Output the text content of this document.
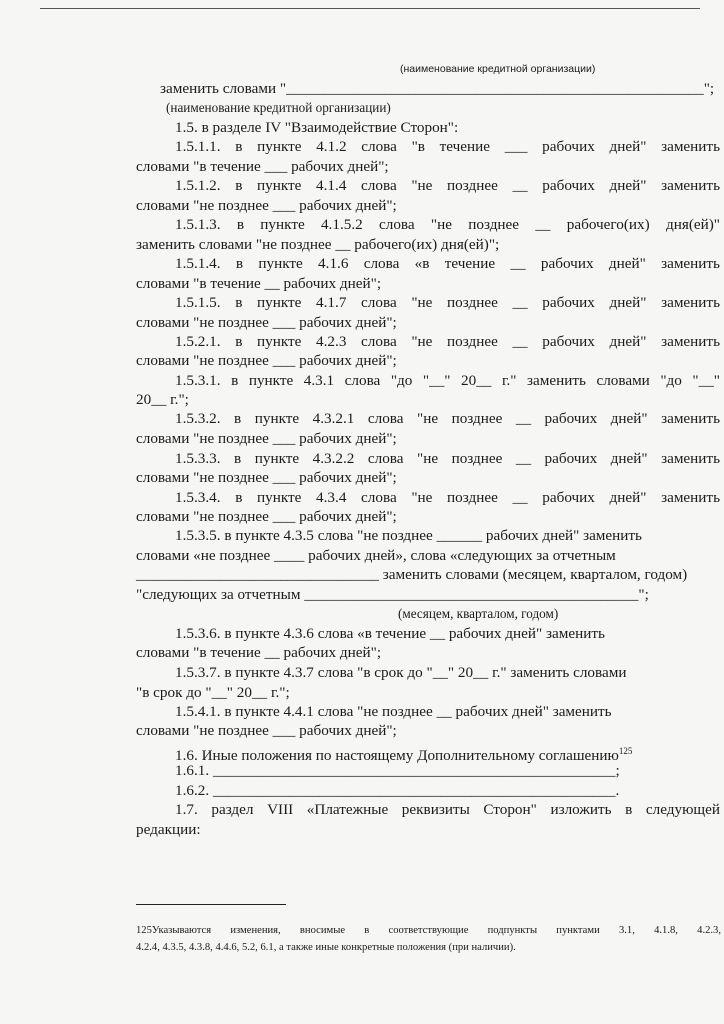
(наименование кредитной организации)
заменить словами "_______________________________________________________";
(наименование кредитной организации)
1.5. в разделе IV "Взаимодействие Сторон":
1.5.1.1. в пункте 4.1.2 слова "в течение ___ рабочих дней" заменить
словами "в течение ___ рабочих дней";
1.5.1.2. в пункте 4.1.4 слова "не позднее __ рабочих дней" заменить
словами "не позднее ___ рабочих дней";
1.5.1.3. в пункте 4.1.5.2 слова "не позднее __ рабочего(их) дня(ей)"
заменить словами "не позднее __ рабочего(их) дня(ей)";
1.5.1.4. в пункте 4.1.6 слова «в течение __ рабочих дней" заменить
словами "в течение __ рабочих дней";
1.5.1.5. в пункте 4.1.7 слова "не позднее __ рабочих дней" заменить
словами "не позднее ___ рабочих дней";
1.5.2.1. в пункте 4.2.3 слова "не позднее __ рабочих дней" заменить
словами "не позднее ___ рабочих дней";
1.5.3.1. в пункте 4.3.1 слова "до "__" 20__ г." заменить словами "до "__"
20__ г.";
1.5.3.2. в пункте 4.3.2.1 слова "не позднее __ рабочих дней" заменить
словами "не позднее ___ рабочих дней";
1.5.3.3. в пункте 4.3.2.2 слова "не позднее __ рабочих дней" заменить
словами "не позднее ___ рабочих дней";
1.5.3.4. в пункте 4.3.4 слова "не позднее __ рабочих дней" заменить
словами "не позднее ___ рабочих дней";
1.5.3.5. в пункте 4.3.5 слова "не позднее ______ рабочих дней" заменить
словами «не позднее ____ рабочих дней», слова «следующих за отчетным
________________________________ заменить словами (месяцем, кварталом, годом)
"следующих за отчетным ____________________________________________";
(месяцем, кварталом, годом)
1.5.3.6. в пункте 4.3.6 слова «в течение __ рабочих дней" заменить
словами "в течение __ рабочих дней";
1.5.3.7. в пункте 4.3.7 слова "в срок до "__" 20__ г." заменить словами
"в срок до "__" 20__ г.";
1.5.4.1. в пункте 4.4.1 слова "не позднее __ рабочих дней" заменить
словами "не позднее ___ рабочих дней";
1.6. Иные положения по настоящему Дополнительному соглашению$^{125}$
1.6.1. _____________________________________________________;
1.6.2. _____________________________________________________.
1.7. раздел VIII «Платежные реквизиты Сторон" изложить в следующей
редакции:
125Указываются изменения, вносимые в соответствующие подпункты пунктами 3.1, 4.1.8, 4.2.3,
4.2.4, 4.3.5, 4.3.8, 4.4.6, 5.2, 6.1, а также иные конкретные положения (при наличии).
